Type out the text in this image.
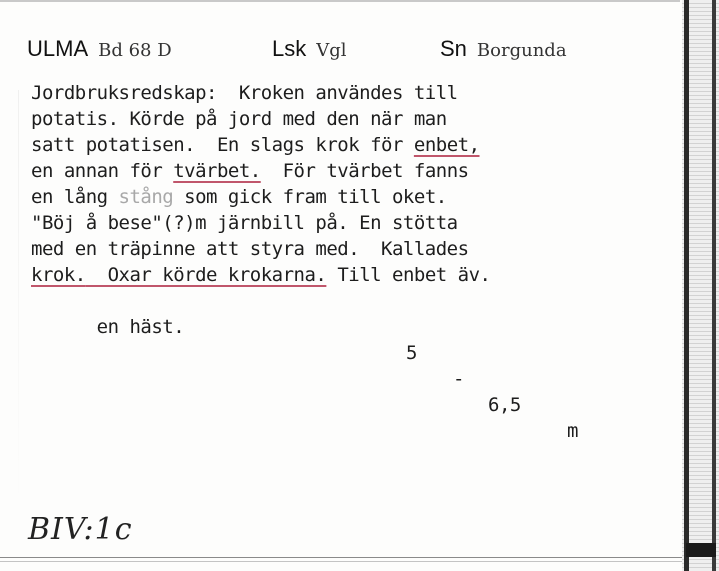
ULMA Bd 68 D	Lsk Vgl	Sn Borgunda
Jordbruksredskap:  Kroken användes till
potatis. Körde på jord med den när man
satt potatisen.  En slags krok för enbet,
en annan för tvärbet.  För tvärbet fanns
en lång stång som gick fram till oket.
"Böj å bese"(?)m järnbill på. En stötta
med en träpinne att styra med.  Kallades
krok.  Oxar körde krokarna. Till enbet äv.

en häst.

5

-

6,5

m

BIV:1c
